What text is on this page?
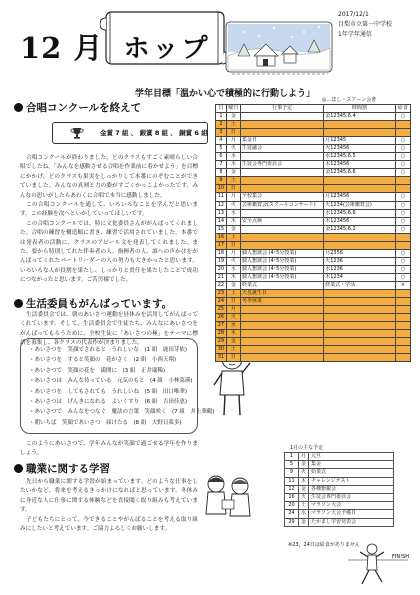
12 月 ホップ
2017/12/1
目梨市立第一中学校
1年学年通信
学年目標「温かい心で積極的に行動しよう」
合唱コンクールを終えて
金賞 7 組 、 銀賞 8 組 、 銅賞 6 組

合唱コンクールが終わりました。どのクラスもすごく素晴らしい合唱でしたね。「みんなを感動させる合唱を作業前に着かせよう」を目標にかかげ、どのクラスも果実をしっかりして本番にのぞむことができていました。みんなの真剣と力の姿がすごくかっこよかったです。みんなの思いがしたらあわくに合唱で本当に感動しました。

この合唱コンクールを通して、いろいろなことを学んだと思います。この経験を次へといかしていってほしいです。

この合唱コンクールでは、特に文化委員さんががんばってくれました。合唱の練習を構造順に書き、練習で活用されていました。本番では発表者の活動に、クラスのアピール文を発表してくれました。また、要から特別してれた伴奏者の人、指揮者の人、誰への声かけをがんばってくれたパートリーダーの人の努力も大きかったと思います。いろいろな人が役割を果たし、しっかりと責任を果たしたことで成功につながったと思います。ご苦労様でした。

生活委員もがんばっています。

生活委員会では、朝のあいさつ運動を昼休みを活用してがんばってくれています。そして、生活委員会で生徒たち、みんなにあいさつをがんばってもらうために、全校生徒に「あいさつの極」をテーマに標語を募集し、各クラスの代表作が決まりました。

・あいさつを　笑顔でされると　うれしいな　(1 組　鹿田芽依)
・あいさつを　すると笑顔の　花がさく　(2 組　小西天翔)
・あいさつで　笑顔の花を　満開に　(3 組　正井瑞稀)
・あいさつは　みんな待っている　元気のもと　(4 組　小林菜瑛)
・あいさつを　してもされても　うれしいね　(5 組　田口唯華)
・あいさつは　げんきになれる　よいくすり　(6 組　吉田佳恵)
・あいさつで　みんなをつなぐ　魔法の言葉　笑顔咲く　(7 組　井上華鶴)
・朝いちば　笑顔であいさつ　届けたる　(8 組　大野日菜多)

このようにあいさつで、学年みんなが笑顔で過ごせる学年を作りましょう。

職業に関する学習

先日から職業に関する学習が始まっています。どのような仕事をしたいかなど、将来を考えるきっかけになればと思っています。冬休みに身近な人に仕事に関する体験などを直接聞く取り組みも考えています。

子どもたちにとって、今できることやがんばることを考える取り組みにしたいと考えています。ご協力よろしくお願いします。

◎…ほし・スアーン会書
日	曜日	行事予定	時間割	給食
1	金		金12345,6.4	○
2	土			
3	日			
4	月	集金日	月12345	○
5	火	生徒議会	火123456	○
6	水		水12345,6.5	○
7	木	生徒会専門委員会	木123456	○
8	金		金12345,6.6	○
9	土			
10	日			
11	月	全校集会	月123456	○
12	火	芸術鑑賞会(スクールコンサート)	火1234(芸術鑑賞会)	○
13	水		水12345,6.6	○
14	木	安全点検	木123456	○
15	金		金12345,6.2	○
16	土			
17	日			
18	月	個人懇談会 (4･5分授業)	月2356	○
19	火	個人懇談会 (4･5分授業)	火1236	○
20	水	個人懇談会 (4･5分授業)	水1236	○
21	木	個人懇談会 (4･5分授業)	木1234	○
22	金	終業式	終業式・学活	×
23	土	天皇誕生日		
24	日	冬季休業		
25	月			
26	火			
27	水			
28	木			
29	金			
30	土			
31	日			
1月の主な予定
1	月	元旦
5	金	集金
9	火	始業式
11	木	チャレンジテスト
12	金	各種懇親会
16	火	生徒会専門委員会
20	土	マラソン大会
24	水	マラソン大会予備日
29	金	たかまし学習発表会
※23，24日は給食がありません
FIN!SH
